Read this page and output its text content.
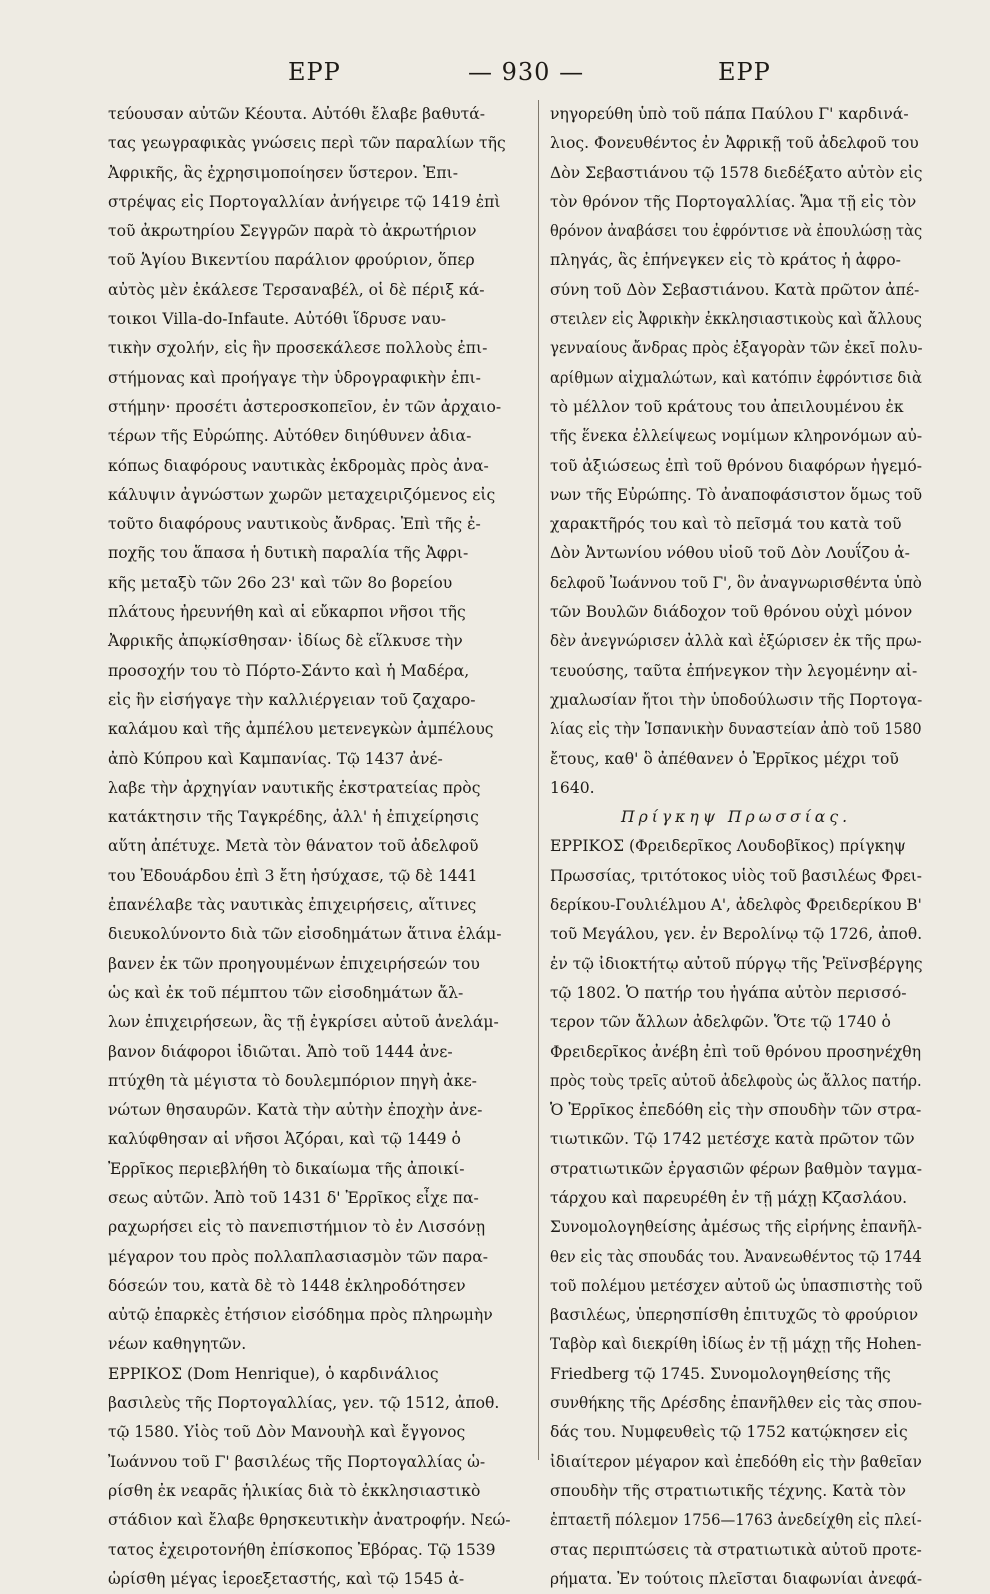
ΕΡΡ	— 930 —	ΕΡΡ
τεύουσαν αὐτῶν Κέουτα. Αὐτόθι ἔλαβε βαθυτά-
τας γεωγραφικὰς γνώσεις περὶ τῶν παραλίων τῆς
Ἀφρικῆς, ἃς ἐχρησιμοποίησεν ὕστερον. Ἐπι-
στρέψας εἰς Πορτογαλλίαν ἀνήγειρε τῷ 1419 ἐπὶ
τοῦ ἀκρωτηρίου Σεγγρῶν παρὰ τὸ ἀκρωτήριον
τοῦ Ἁγίου Βικεντίου παράλιον φρούριον, ὅπερ
αὐτὸς μὲν ἐκάλεσε Τερσαναβέλ, οἱ δὲ πέριξ κά-
τοικοι Villa-do-Infaute. Αὐτόθι ἵδρυσε ναυ-
τικὴν σχολήν, εἰς ἣν προσεκάλεσε πολλοὺς ἐπι-
στήμονας καὶ προήγαγε τὴν ὑδρογραφικὴν ἐπι-
στήμην· προσέτι ἀστεροσκοπεῖον, ἐν τῶν ἀρχαιο-
τέρων τῆς Εὐρώπης. Αὐτόθεν διηύθυνεν ἀδια-
κόπως διαφόρους ναυτικὰς ἐκδρομὰς πρὸς ἀνα-
κάλυψιν ἀγνώστων χωρῶν μεταχειριζόμενος εἰς
τοῦτο διαφόρους ναυτικοὺς ἄνδρας. Ἐπὶ τῆς ἐ-
ποχῆς του ἅπασα ἡ δυτικὴ παραλία τῆς Ἀφρι-
κῆς μεταξὺ τῶν 26ο 23' καὶ τῶν 8ο βορείου
πλάτους ἠρευνήθη καὶ αἱ εὔκαρποι νῆσοι τῆς
Ἀφρικῆς ἀπῳκίσθησαν· ἰδίως δὲ εἵλκυσε τὴν
προσοχήν του τὸ Πόρτο-Σάντο καὶ ἡ Μαδέρα,
εἰς ἣν εἰσήγαγε τὴν καλλιέργειαν τοῦ ζαχαρο-
καλάμου καὶ τῆς ἀμπέλου μετενεγκὼν ἀμπέλους
ἀπὸ Κύπρου καὶ Καμπανίας. Τῷ 1437 ἀνέ-
λαβε τὴν ἀρχηγίαν ναυτικῆς ἐκστρατείας πρὸς
κατάκτησιν τῆς Ταγκρέδης, ἀλλ' ἡ ἐπιχείρησις
αὕτη ἀπέτυχε. Μετὰ τὸν θάνατον τοῦ ἀδελφοῦ
του Ἐδουάρδου ἐπὶ 3 ἔτη ἡσύχασε, τῷ δὲ 1441
ἐπανέλαβε τὰς ναυτικὰς ἐπιχειρήσεις, αἵτινες
διευκολύνοντο διὰ τῶν εἰσοδημάτων ἅτινα ἐλάμ-
βανεν ἐκ τῶν προηγουμένων ἐπιχειρήσεών του
ὡς καὶ ἐκ τοῦ πέμπτου τῶν εἰσοδημάτων ἄλ-
λων ἐπιχειρήσεων, ἃς τῇ ἐγκρίσει αὐτοῦ ἀνελάμ-
βανον διάφοροι ἰδιῶται. Ἀπὸ τοῦ 1444 ἀνε-
πτύχθη τὰ μέγιστα τὸ δουλεμπόριον πηγὴ ἀκε-
νώτων θησαυρῶν. Κατὰ τὴν αὐτὴν ἐποχὴν ἀνε-
καλύφθησαν αἱ νῆσοι Ἀζόραι, καὶ τῷ 1449 ὁ
Ἐρρῖκος περιεβλήθη τὸ δικαίωμα τῆς ἀποικί-
σεως αὐτῶν. Ἀπὸ τοῦ 1431 δ' Ἐρρῖκος εἶχε πα-
ραχωρήσει εἰς τὸ πανεπιστήμιον τὸ ἐν Λισσόνῃ
μέγαρον του πρὸς πολλαπλασιασμὸν τῶν παρα-
δόσεών του, κατὰ δὲ τὸ 1448 ἐκληροδότησεν
αὐτῷ ἐπαρκὲς ἐτήσιον εἰσόδημα πρὸς πληρωμὴν
νέων καθηγητῶν.
ΕΡΡΙΚΟΣ (Dom Henrique), ὁ καρδινάλιος
βασιλεὺς τῆς Πορτογαλλίας, γεν. τῷ 1512, ἀποθ.
τῷ 1580. Υἱὸς τοῦ Δὸν Μανουὴλ καὶ ἔγγονος
Ἰωάννου τοῦ Γ' βασιλέως τῆς Πορτογαλλίας ὡ-
ρίσθη ἐκ νεαρᾶς ἡλικίας διὰ τὸ ἐκκλησιαστικὸ
στάδιον καὶ ἔλαβε θρησκευτικὴν ἀνατροφήν. Νεώ-
τατος ἐχειροτονήθη ἐπίσκοπος Ἐβόρας. Τῷ 1539
ὡρίσθη μέγας ἱεροεξεταστής, καὶ τῷ 1545 ἀ-
νηγορεύθη ὑπὸ τοῦ πάπα Παύλου Γ' καρδινά-
λιος. Φονευθέντος ἐν Ἀφρικῇ τοῦ ἀδελφοῦ του
Δὸν Σεβαστιάνου τῷ 1578 διεδέξατο αὐτὸν εἰς
τὸν θρόνον τῆς Πορτογαλλίας. Ἅμα τῇ εἰς τὸν
θρόνον ἀναβάσει του ἐφρόντισε νὰ ἐπουλώσῃ τὰς
πληγάς, ἃς ἐπήνεγκεν εἰς τὸ κράτος ἡ ἀφρο-
σύνη τοῦ Δὸν Σεβαστιάνου. Κατὰ πρῶτον ἀπέ-
στειλεν εἰς Ἀφρικὴν ἐκκλησιαστικοὺς καὶ ἄλλους
γενναίους ἄνδρας πρὸς ἐξαγορὰν τῶν ἐκεῖ πολυ-
αρίθμων αἰχμαλώτων, καὶ κατόπιν ἐφρόντισε διὰ
τὸ μέλλον τοῦ κράτους του ἀπειλουμένου ἐκ
τῆς ἕνεκα ἐλλείψεως νομίμων κληρονόμων αὐ-
τοῦ ἀξιώσεως ἐπὶ τοῦ θρόνου διαφόρων ἡγεμό-
νων τῆς Εὐρώπης. Τὸ ἀναποφάσιστον ὅμως τοῦ
χαρακτῆρός του καὶ τὸ πεῖσμά του κατὰ τοῦ
Δὸν Ἀντωνίου νόθου υἱοῦ τοῦ Δὸν Λουΐζου ἀ-
δελφοῦ Ἰωάννου τοῦ Γ', ὃν ἀναγνωρισθέντα ὑπὸ
τῶν Βουλῶν διάδοχον τοῦ θρόνου οὐχὶ μόνον
δὲν ἀνεγνώρισεν ἀλλὰ καὶ ἐξώρισεν ἐκ τῆς πρω-
τευούσης, ταῦτα ἐπήνεγκον τὴν λεγομένην αἰ-
χμαλωσίαν ἤτοι τὴν ὑποδούλωσιν τῆς Πορτογα-
λίας εἰς τὴν Ἱσπανικὴν δυναστείαν ἀπὸ τοῦ 1580
ἔτους, καθ' ὃ ἀπέθανεν ὁ Ἐρρῖκος μέχρι τοῦ
1640.
Πρίγκηψ Πρωσσίας.
ΕΡΡΙΚΟΣ (Φρειδερῖκος Λουδοβῖκος) πρίγκηψ
Πρωσσίας, τριτότοκος υἱὸς τοῦ βασιλέως Φρει-
δερίκου-Γουλιέλμου Α', ἀδελφὸς Φρειδερίκου Β'
τοῦ Μεγάλου, γεν. ἐν Βερολίνῳ τῷ 1726, ἀποθ.
ἐν τῷ ἰδιοκτήτῳ αὐτοῦ πύργῳ τῆς Ῥεϊνσβέργης
τῷ 1802. Ὁ πατήρ του ἠγάπα αὐτὸν περισσό-
τερον τῶν ἄλλων ἀδελφῶν. Ὅτε τῷ 1740 ὁ
Φρειδερῖκος ἀνέβη ἐπὶ τοῦ θρόνου προσηνέχθη
πρὸς τοὺς τρεῖς αὐτοῦ ἀδελφοὺς ὡς ἄλλος πατήρ.
Ὁ Ἐρρῖκος ἐπεδόθη εἰς τὴν σπουδὴν τῶν στρα-
τιωτικῶν. Τῷ 1742 μετέσχε κατὰ πρῶτον τῶν
στρατιωτικῶν ἐργασιῶν φέρων βαθμὸν ταγμα-
τάρχου καὶ παρευρέθη ἐν τῇ μάχῃ Κζασλάου.
Συνομολογηθείσης ἀμέσως τῆς εἰρήνης ἐπανῆλ-
θεν εἰς τὰς σπουδάς του. Ἀνανεωθέντος τῷ 1744
τοῦ πολέμου μετέσχεν αὐτοῦ ὡς ὑπασπιστὴς τοῦ
βασιλέως, ὑπερησπίσθη ἐπιτυχῶς τὸ φρούριον
Ταβὸρ καὶ διεκρίθη ἰδίως ἐν τῇ μάχῃ τῆς Hohen-
Friedberg τῷ 1745. Συνομολογηθείσης τῆς
συνθήκης τῆς Δρέσδης ἐπανῆλθεν εἰς τὰς σπου-
δάς του. Νυμφευθεὶς τῷ 1752 κατῴκησεν εἰς
ἰδιαίτερον μέγαρον καὶ ἐπεδόθη εἰς τὴν βαθεῖαν
σπουδὴν τῆς στρατιωτικῆς τέχνης. Κατὰ τὸν
ἑπταετῆ πόλεμον 1756—1763 ἀνεδείχθη εἰς πλεί-
στας περιπτώσεις τὰ στρατιωτικὰ αὐτοῦ προτε-
ρήματα. Ἐν τούτοις πλεῖσται διαφωνίαι ἀνεφά-
